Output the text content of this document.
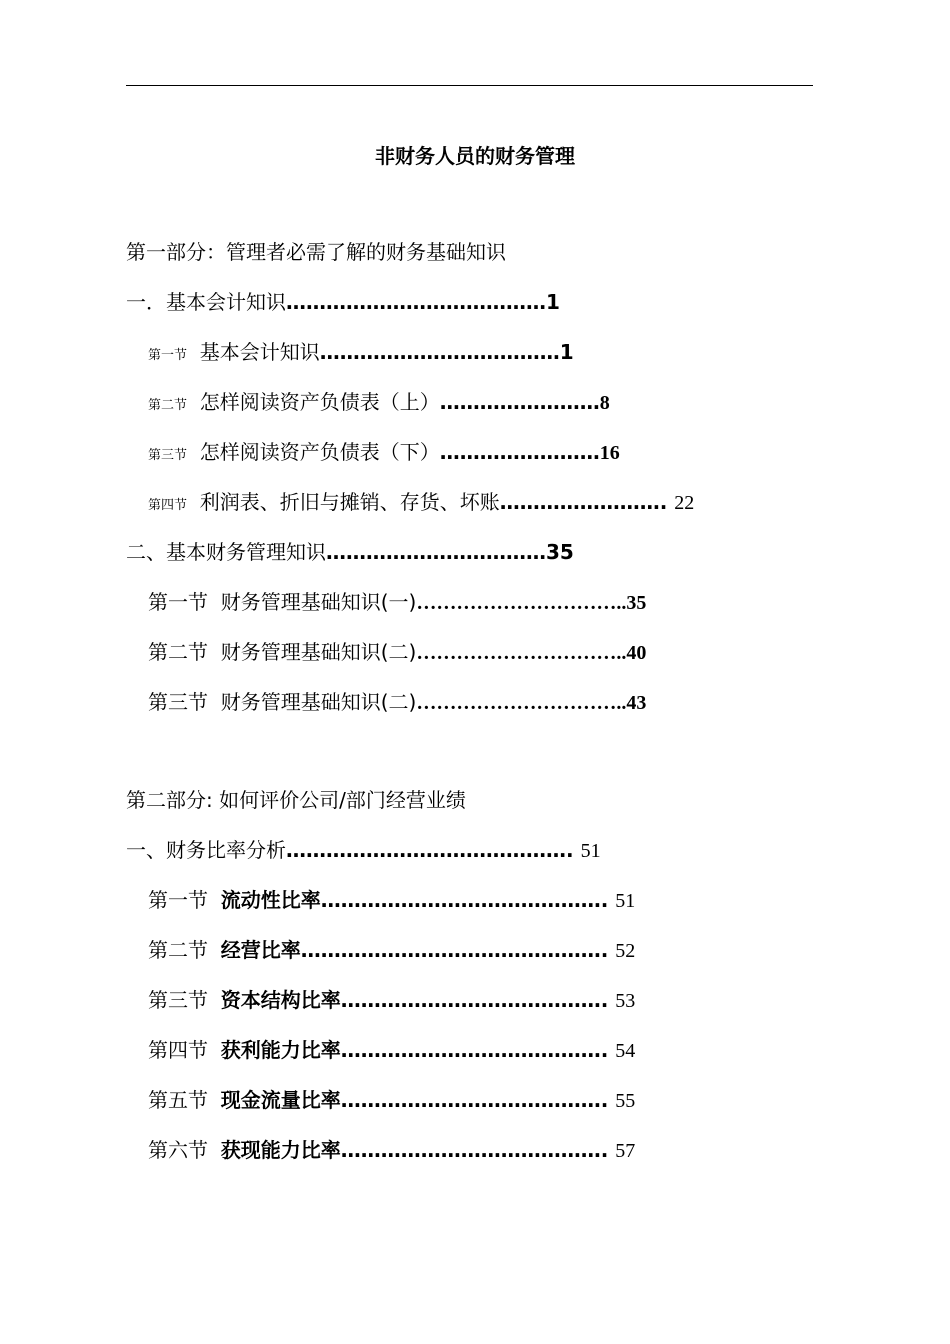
非财务人员的财务管理
第一部分：管理者必需了解的财务基础知识
一．基本会计知识…………………………………1
第一节 基本会计知识………………………………1
第二节 怎样阅读资产负债表（上）……………………8
第三节 怎样阅读资产负债表（下）……………………16
第四节 利润表、折旧与摊销、存货、坏账……………………. 22
二、基本财务管理知识……………………………35
第一节 财务管理基础知识(一)…………………………..35
第二节 财务管理基础知识(二)…………………………..40
第三节 财务管理基础知识(二)…………………………..43
第二部分: 如何评价公司/部门经营业绩
一、财务比率分析……………………………………. 51
第一节 流动性比率……………………………………. 51
第二节 经营比率………………………………………. 52
第三节 资本结构比率…………………………………. 53
第四节 获利能力比率…………………………………. 54
第五节 现金流量比率…………………………………. 55
第六节 获现能力比率…………………………………. 57
